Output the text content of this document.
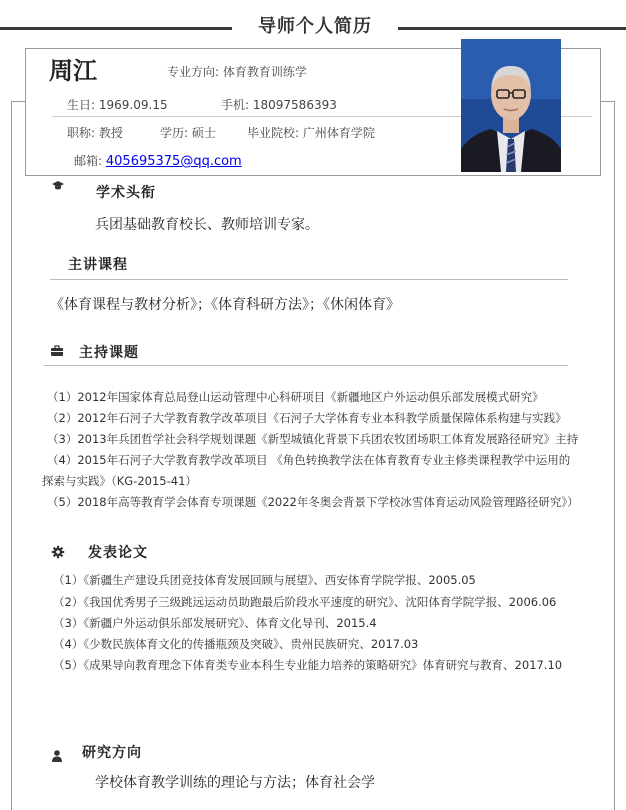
导师个人简历
周江	专业方向: 体育教育训练学
生日: 1969.09.15	手机: 18097586393
职称: 教授	学历: 硕士	毕业院校: 广州体育学院
邮箱: 405695375@qq.com
学术头衔
兵团基础教育校长、教师培训专家。
主讲课程
《体育课程与教材分析》；《体育科研方法》；《休闲体育》
主持课题
（1）2012年国家体育总局登山运动管理中心科研项目《新疆地区户外运动俱乐部发展模式研究》
（2）2012年石河子大学教育教学改革项目《石河子大学体育专业本科教学质量保障体系构建与实践》
（3）2013年兵团哲学社会科学规划课题《新型城镇化背景下兵团农牧团场职工体育发展路径研究》主持
（4）2015年石河子大学教育教学改革项目 《角色转换教学法在体育教育专业主修类课程教学中运用的
探索与实践》（KG-2015-41）
（5）2018年高等教育学会体育专项课题《2022年冬奥会背景下学校冰雪体育运动风险管理路径研究》）
发表论文
（1）《新疆生产建设兵团竞技体育发展回顾与展望》、西安体育学院学报、2005.05
（2）《我国优秀男子三级跳远运动员助跑最后阶段水平速度的研究》、沈阳体育学院学报、2006.06
（3）《新疆户外运动俱乐部发展研究》、体育文化导刊、2015.4
（4）《少数民族体育文化的传播瓶颈及突破》、贵州民族研究、2017.03
（5）《成果导向教育理念下体育类专业本科生专业能力培养的策略研究》体育研究与教育、2017.10
研究方向
学校体育教学训练的理论与方法；体育社会学
